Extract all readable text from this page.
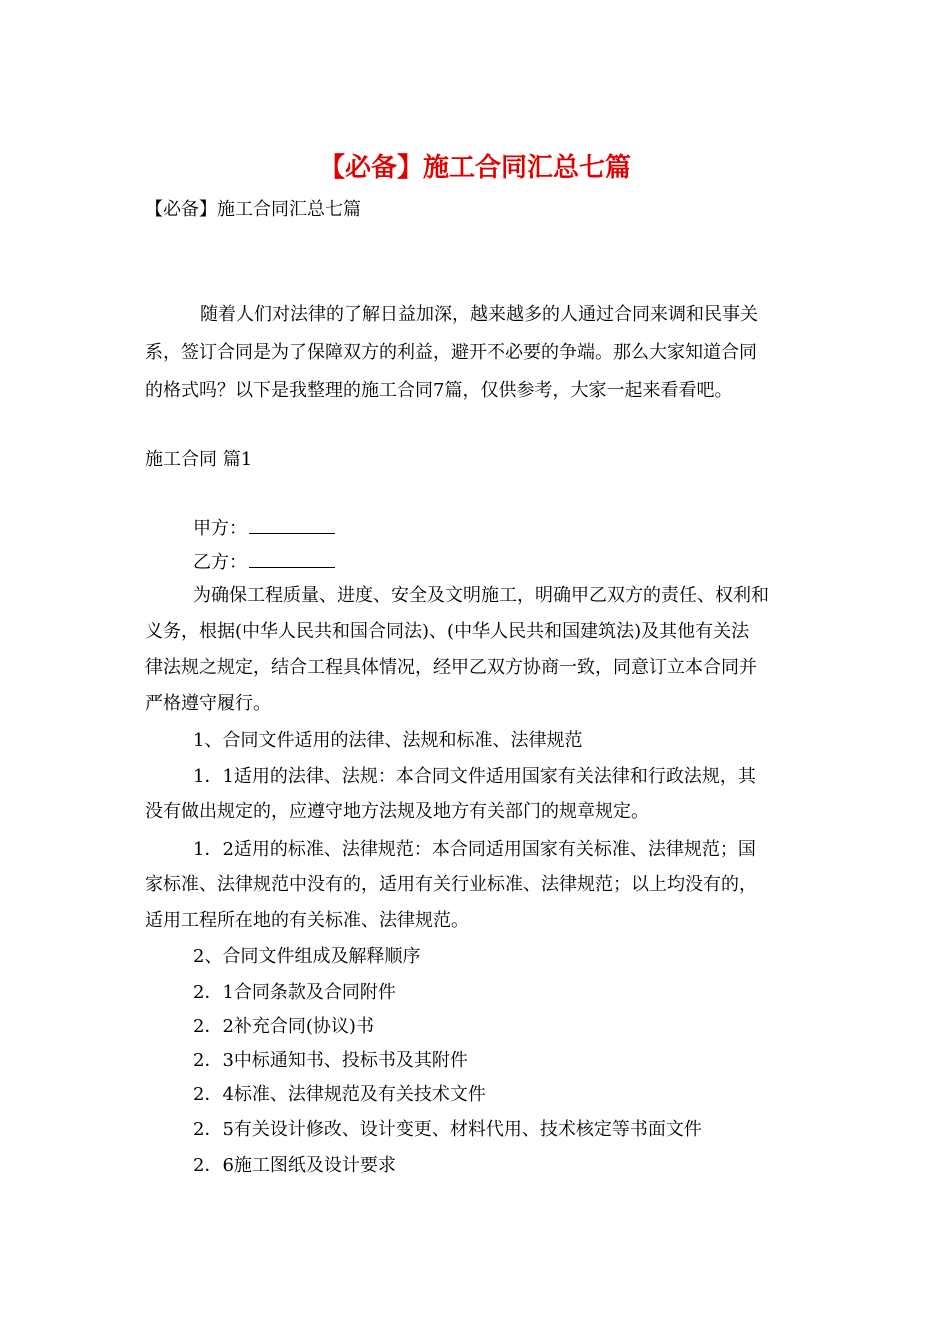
【必备】施工合同汇总七篇

【必备】施工合同汇总七篇

随着人们对法律的了解日益加深，越来越多的人通过合同来调和民事关

系，签订合同是为了保障双方的利益，避开不必要的争端。那么大家知道合同

的格式吗？以下是我整理的施工合同7篇，仅供参考，大家一起来看看吧。

施工合同 篇1

甲方：

乙方：

为确保工程质量、进度、安全及文明施工，明确甲乙双方的责任、权利和

义务，根据(中华人民共和国合同法)、(中华人民共和国建筑法)及其他有关法

律法规之规定，结合工程具体情况，经甲乙双方协商一致，同意订立本合同并

严格遵守履行。

1、合同文件适用的法律、法规和标准、法律规范

1．1适用的法律、法规：本合同文件适用国家有关法律和行政法规，其

没有做出规定的，应遵守地方法规及地方有关部门的规章规定。

1．2适用的标准、法律规范：本合同适用国家有关标准、法律规范；国

家标准、法律规范中没有的，适用有关行业标准、法律规范；以上均没有的，

适用工程所在地的有关标准、法律规范。

2、合同文件组成及解释顺序

2．1合同条款及合同附件

2．2补充合同(协议)书

2．3中标通知书、投标书及其附件

2．4标准、法律规范及有关技术文件

2．5有关设计修改、设计变更、材料代用、技术核定等书面文件

2．6施工图纸及设计要求
